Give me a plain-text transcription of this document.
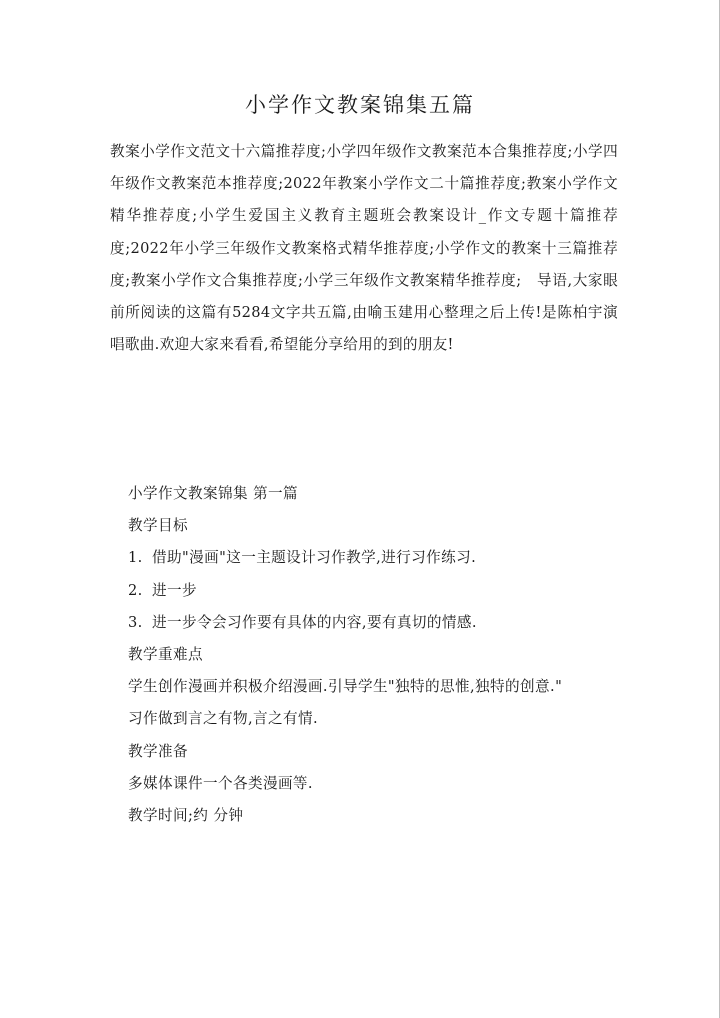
小学作文教案锦集五篇

教案小学作文范文十六篇推荐度;小学四年级作文教案范本合集推荐度;小学四年级作文教案范本推荐度;2022年教案小学作文二十篇推荐度;教案小学作文精华推荐度;小学生爱国主义教育主题班会教案设计_作文专题十篇推荐度;2022年小学三年级作文教案格式精华推荐度;小学作文的教案十三篇推荐度;教案小学作文合集推荐度;小学三年级作文教案精华推荐度;　导语,大家眼前所阅读的这篇有5284文字共五篇,由喻玉建用心整理之后上传!是陈柏宇演唱歌曲.欢迎大家来看看,希望能分享给用的到的朋友!

小学作文教案锦集 第一篇
教学目标
1. 借助"漫画"这一主题设计习作教学,进行习作练习.
2. 进一步
3. 进一步令会习作要有具体的内容,要有真切的情感.
教学重难点
学生创作漫画并积极介绍漫画.引导学生"独特的思惟,独特的创意."
习作做到言之有物,言之有情.
教学准备
多媒体课件一个各类漫画等.
教学时间;约 分钟
